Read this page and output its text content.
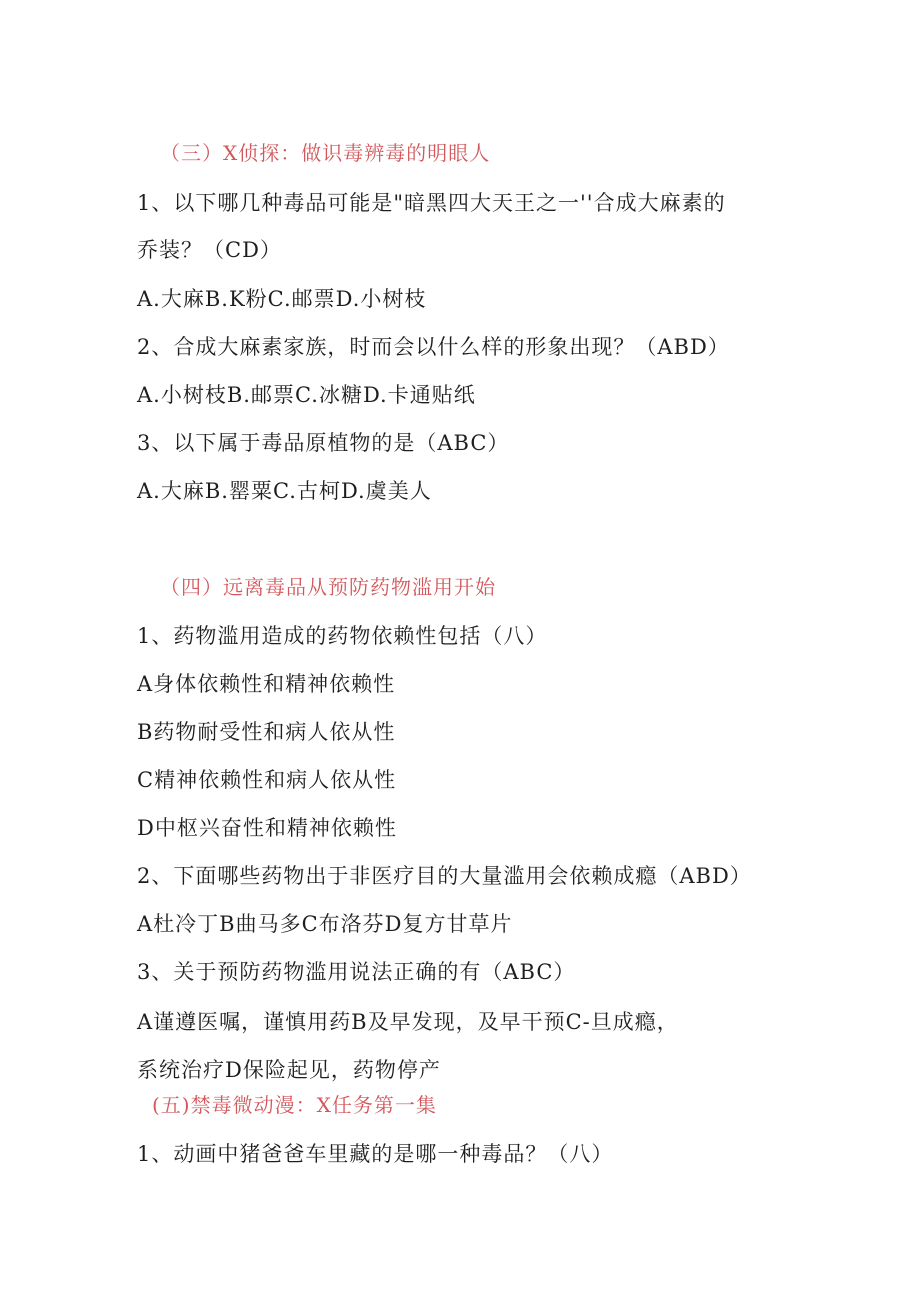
（三）X侦探：做识毒辨毒的明眼人
1、以下哪几种毒品可能是"暗黑四大天王之一''合成大麻素的
乔装？（CD）
A.大麻B.K粉C.邮票D.小树枝
2、合成大麻素家族，时而会以什么样的形象出现？（ABD）
A.小树枝B.邮票C.冰糖D.卡通贴纸
3、以下属于毒品原植物的是（ABC）
A.大麻B.罂粟C.古柯D.虞美人
（四）远离毒品从预防药物滥用开始
1、药物滥用造成的药物依赖性包括（八）
A身体依赖性和精神依赖性
B药物耐受性和病人依从性
C精神依赖性和病人依从性
D中枢兴奋性和精神依赖性
2、下面哪些药物出于非医疗目的大量滥用会依赖成瘾（ABD）
A杜冷丁B曲马多C布洛芬D复方甘草片
3、关于预防药物滥用说法正确的有（ABC）
A谨遵医嘱，谨慎用药B及早发现，及早干预C-旦成瘾，
系统治疗D保险起见，药物停产
(五)禁毒微动漫：X任务第一集
1、动画中猪爸爸车里藏的是哪一种毒品？（八）
